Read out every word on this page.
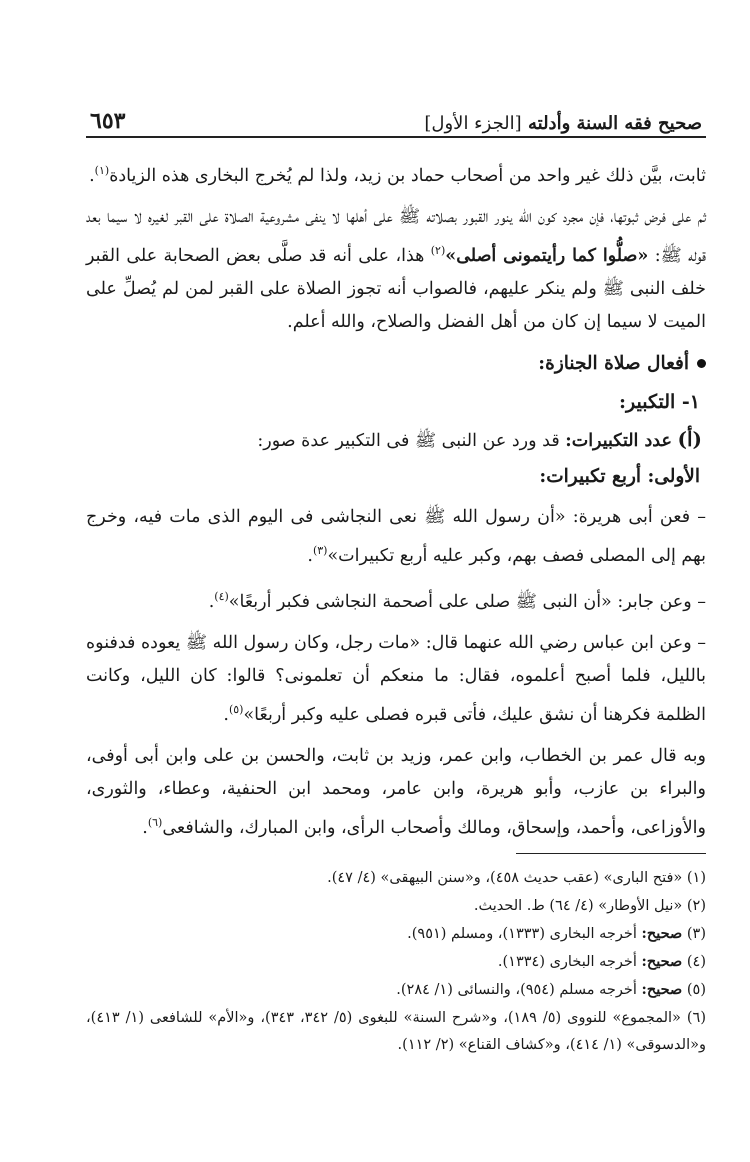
صحيح فقه السنة وأدلته [الجزء الأول]
٦٥٣

ثابت، بيَّن ذلك غير واحد من أصحاب حماد بن زيد، ولذا لم يُخرج البخارى هذه الزيادة$^{(١)}$.

ثم على فرض ثبوتها، فإن مجرد كون الله ينور القبور بصلاته ﷺ على أهلها لا ينفى مشروعية الصلاة على القبر لغيره لا سيما بعد قوله ﷺ: «صلُّوا كما رأيتمونى أصلى»$^{(٢)}$ هذا، على أنه قد صلَّى بعض الصحابة على القبر خلف النبى ﷺ ولم ينكر عليهم، فالصواب أنه تجوز الصلاة على القبر لمن لم يُصلِّ على الميت لا سيما إن كان من أهل الفضل والصلاح، والله أعلم.

أفعال صلاة الجنازة:
١- التكبير:
(أ) عدد التكبيرات: قد ورد عن النبى ﷺ فى التكبير عدة صور:
الأولى: أربع تكبيرات:

– فعن أبى هريرة: «أن رسول الله ﷺ نعى النجاشى فى اليوم الذى مات فيه، وخرج بهم إلى المصلى فصف بهم، وكبر عليه أربع تكبيرات»$^{(٣)}$.

– وعن جابر: «أن النبى ﷺ صلى على أصحمة النجاشى فكبر أربعًا»$^{(٤)}$.

– وعن ابن عباس رضي الله عنهما قال: «مات رجل، وكان رسول الله ﷺ يعوده فدفنوه بالليل، فلما أصبح أعلموه، فقال: ما منعكم أن تعلمونى؟ قالوا: كان الليل، وكانت الظلمة فكرهنا أن نشق عليك، فأتى قبره فصلى عليه وكبر أربعًا»$^{(٥)}$.

وبه قال عمر بن الخطاب، وابن عمر، وزيد بن ثابت، والحسن بن على وابن أبى أوفى، والبراء بن عازب، وأبو هريرة، وابن عامر، ومحمد ابن الحنفية، وعطاء، والثورى، والأوزاعى، وأحمد، وإسحاق، ومالك وأصحاب الرأى، وابن المبارك، والشافعى$^{(٦)}$.

(١) «فتح البارى» (عقب حديث ٤٥٨)، و«سنن البيهقى» (٤/ ٤٧).
(٢) «نيل الأوطار» (٤/ ٦٤) ط. الحديث.
(٣) صحيح: أخرجه البخارى (١٣٣٣)، ومسلم (٩٥١).
(٤) صحيح: أخرجه البخارى (١٣٣٤).
(٥) صحيح: أخرجه مسلم (٩٥٤)، والنسائى (١/ ٢٨٤).
(٦) «المجموع» للنووى (٥/ ١٨٩)، و«شرح السنة» للبغوى (٥/ ٣٤٢، ٣٤٣)، و«الأم» للشافعى (١/ ٤١٣)، و«الدسوقى» (١/ ٤١٤)، و«كشاف القناع» (٢/ ١١٢).
